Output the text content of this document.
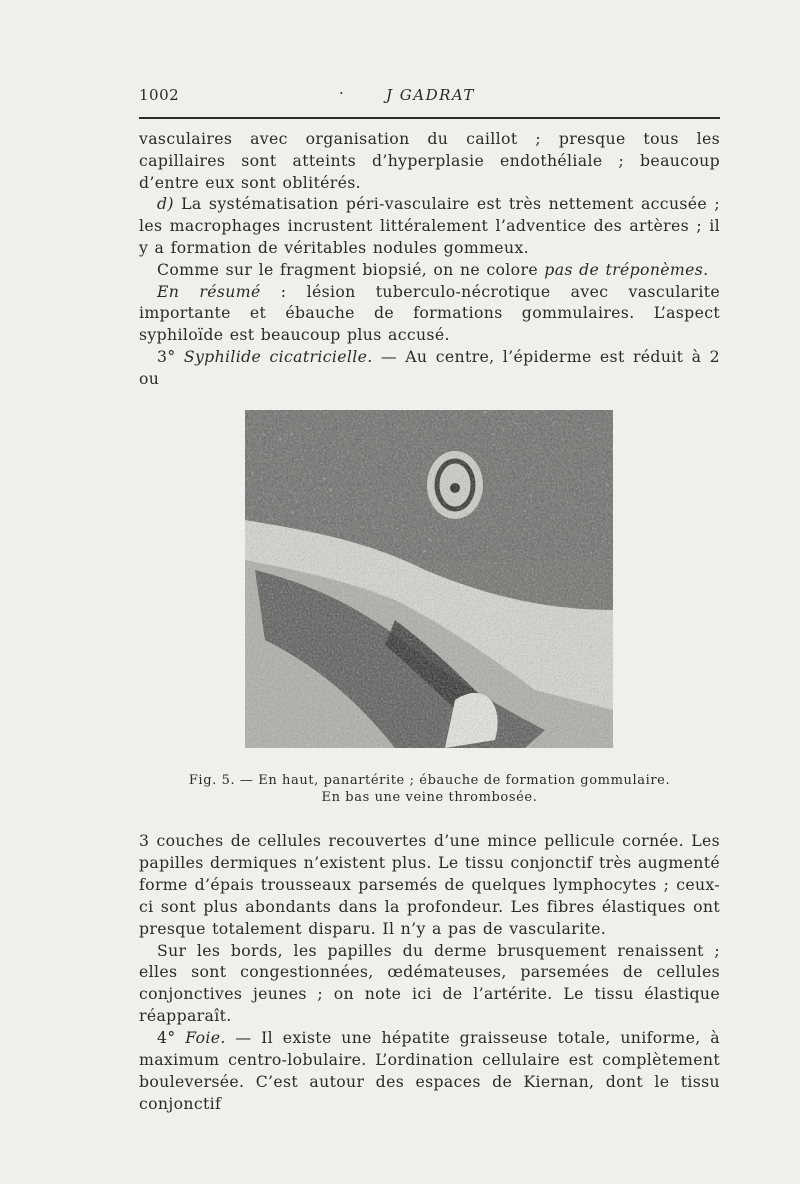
1002	·	J GADRAT

vasculaires avec organisation du caillot ; presque tous les capillaires sont atteints d’hyperplasie endothéliale ; beaucoup d’entre eux sont oblitérés.

d) La systématisation péri-vasculaire est très nettement accusée ; les macrophages incrustent littéralement l’adventice des artères ; il y a formation de véritables nodules gommeux.

Comme sur le fragment biopsié, on ne colore pas de tréponèmes.

En résumé : lésion tuberculo-nécrotique avec vascularite importante et ébauche de formations gommulaires. L’aspect syphiloïde est beaucoup plus accusé.

3° Syphilide cicatricielle. — Au centre, l’épiderme est réduit à 2 ou

Fig. 5. — En haut, panartérite ; ébauche de formation gommulaire.
En bas une veine thrombosée.

3 couches de cellules recouvertes d’une mince pellicule cornée. Les papilles dermiques n’existent plus. Le tissu conjonctif très augmenté forme d’épais trousseaux parsemés de quelques lymphocytes ; ceux-ci sont plus abondants dans la profondeur. Les fibres élastiques ont presque totalement disparu. Il n’y a pas de vascularite.

Sur les bords, les papilles du derme brusquement renaissent ; elles sont congestionnées, œdémateuses, parsemées de cellules conjonctives jeunes ; on note ici de l’artérite. Le tissu élastique réapparaît.

4° Foie. — Il existe une hépatite graisseuse totale, uniforme, à maximum centro-lobulaire. L’ordination cellulaire est complètement bouleversée. C’est autour des espaces de Kiernan, dont le tissu conjonctif
